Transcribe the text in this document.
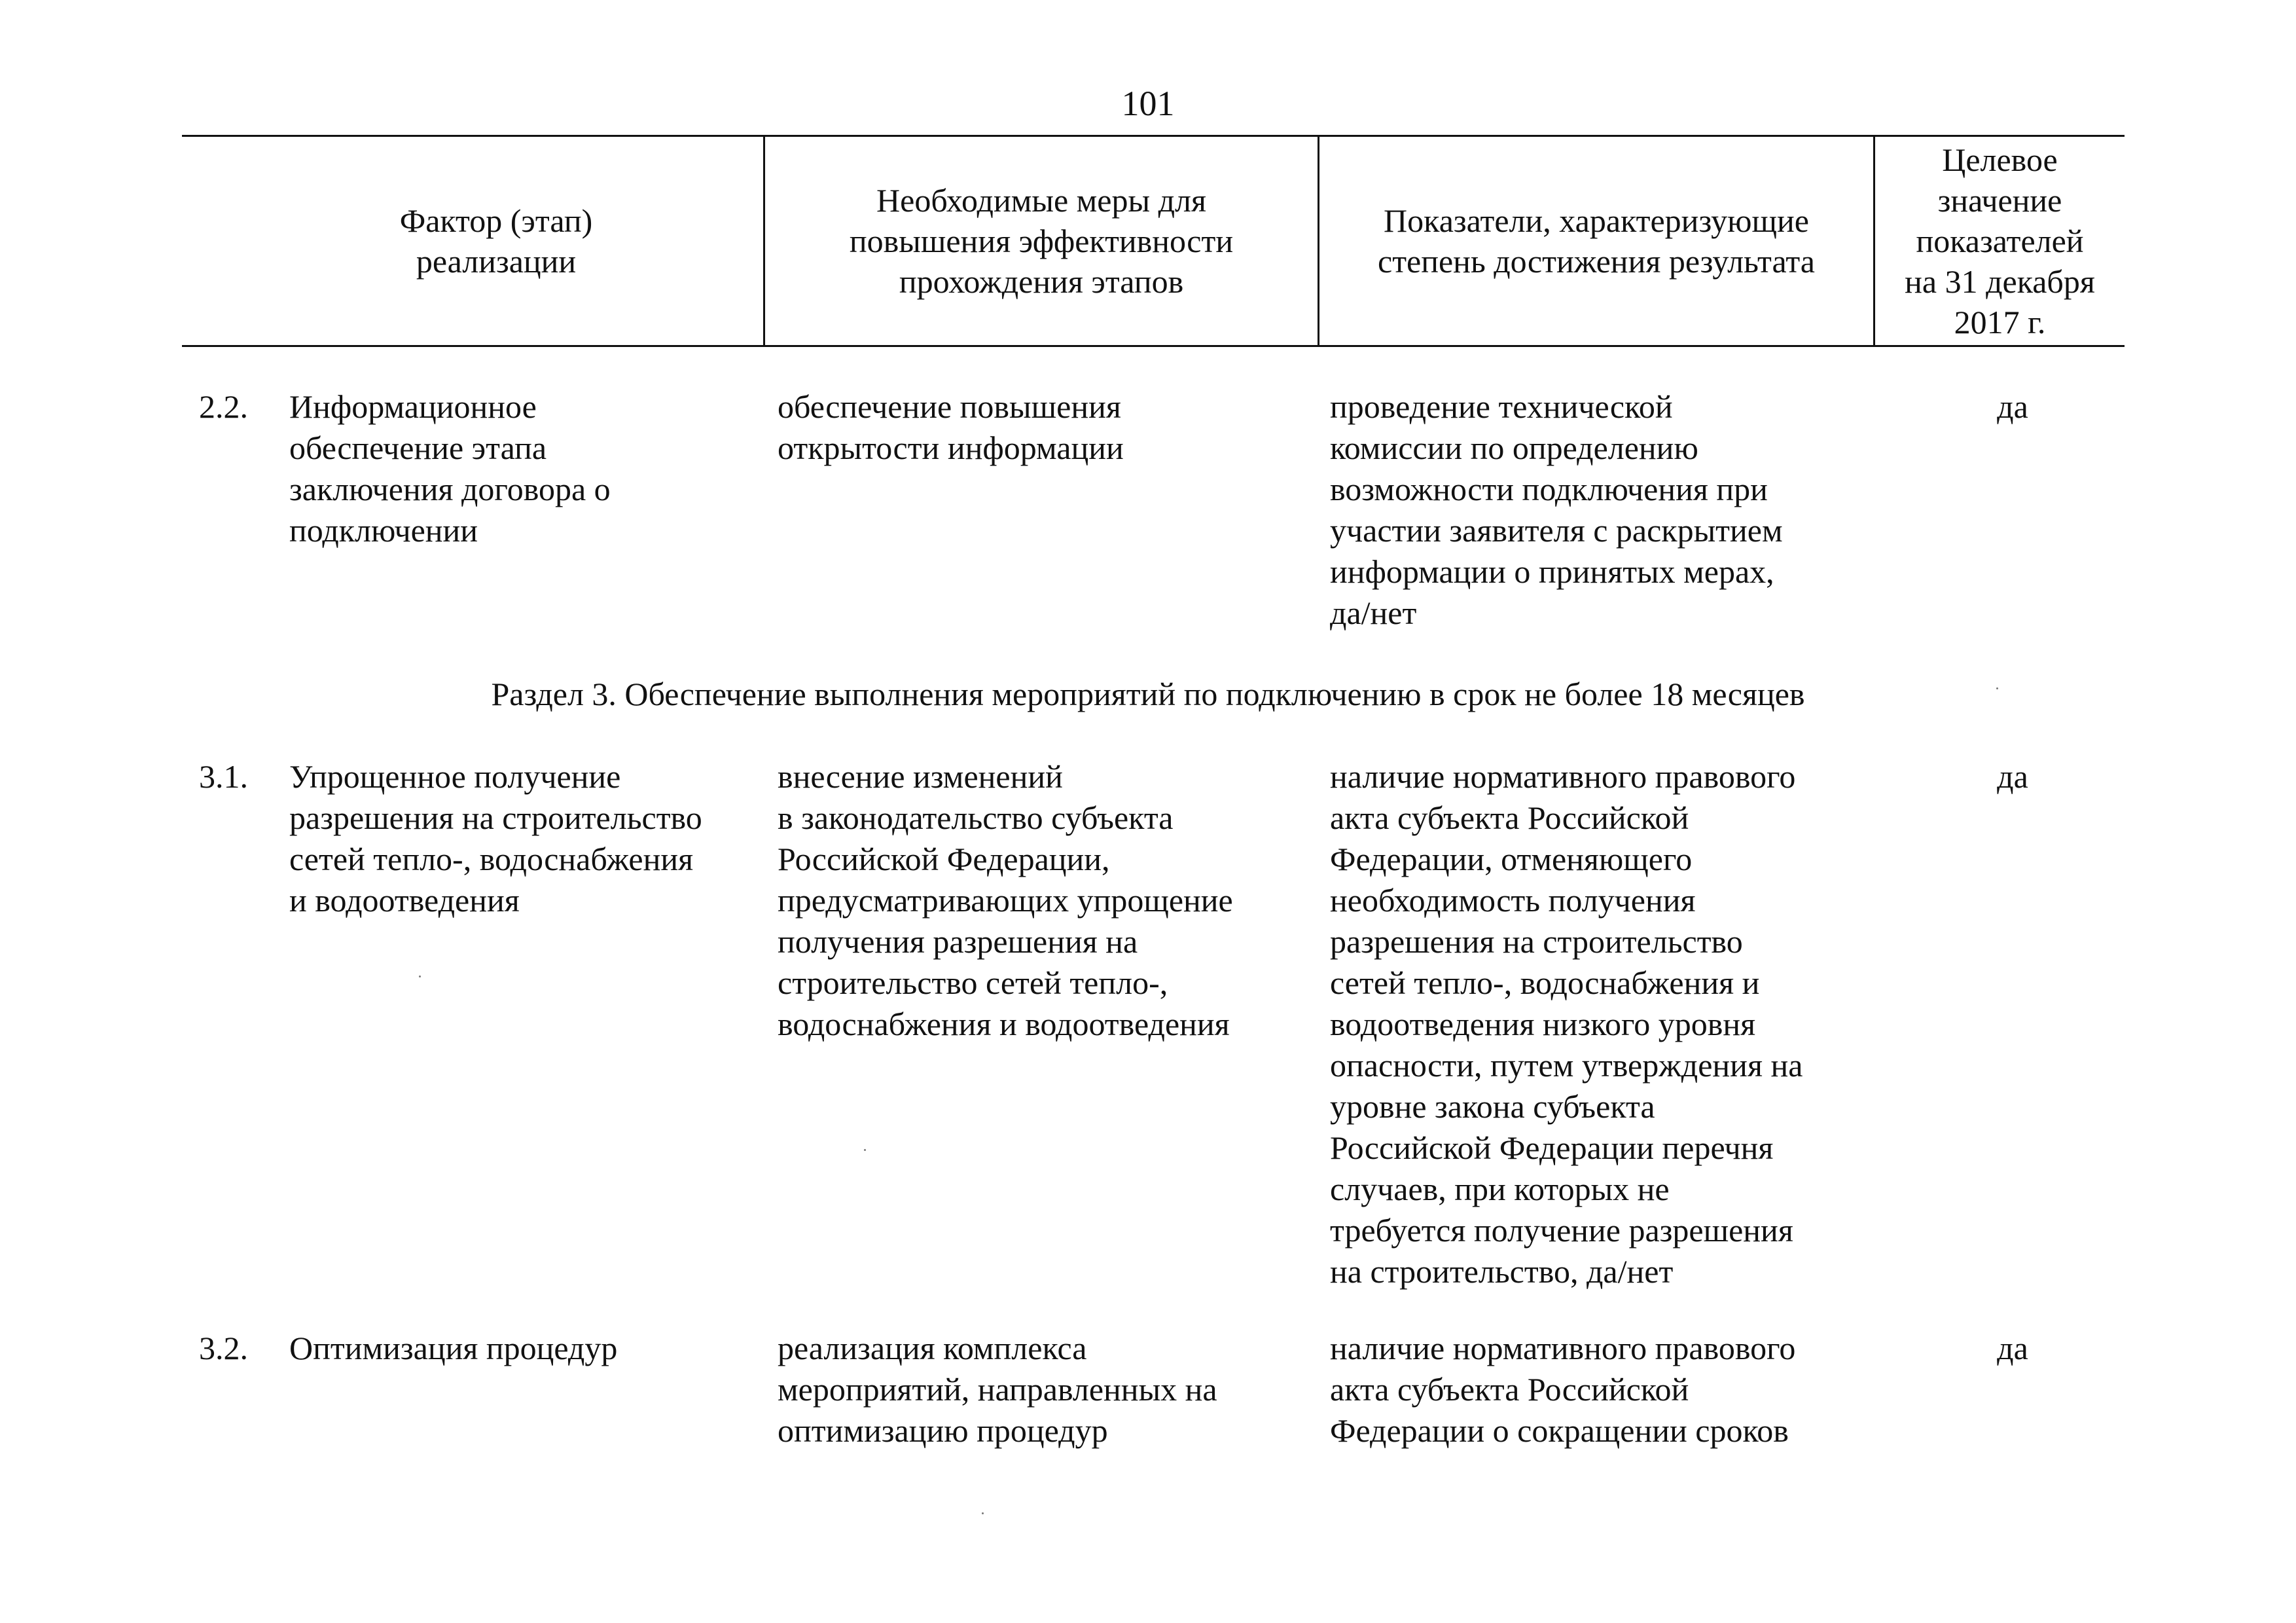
101
Фактор (этап)
реализации
Необходимые меры для
повышения эффективности
прохождения этапов
Показатели, характеризующие
степень достижения результата
Целевое
значение
показателей
на 31 декабря
2017 г.
2.2. Информационное
обеспечение этапа
заключения договора о
подключении
обеспечение повышения
открытости информации
проведение технической
комиссии по определению
возможности подключения при
участии заявителя с раскрытием
информации о принятых мерах,
да/нет
да
Раздел 3. Обеспечение выполнения мероприятий по подключению в срок не более 18 месяцев
3.1. Упрощенное получение
разрешения на строительство
сетей тепло-, водоснабжения
и водоотведения
внесение изменений
в законодательство субъекта
Российской Федерации,
предусматривающих упрощение
получения разрешения на
строительство сетей тепло-,
водоснабжения и водоотведения
наличие нормативного правового
акта субъекта Российской
Федерации, отменяющего
необходимость получения
разрешения на строительство
сетей тепло-, водоснабжения и
водоотведения низкого уровня
опасности, путем утверждения на
уровне закона субъекта
Российской Федерации перечня
случаев, при которых не
требуется получение разрешения
на строительство, да/нет
да
3.2. Оптимизация процедур	реализация комплекса
мероприятий, направленных на
оптимизацию процедур
наличие нормативного правового
акта субъекта Российской
Федерации о сокращении сроков
да
